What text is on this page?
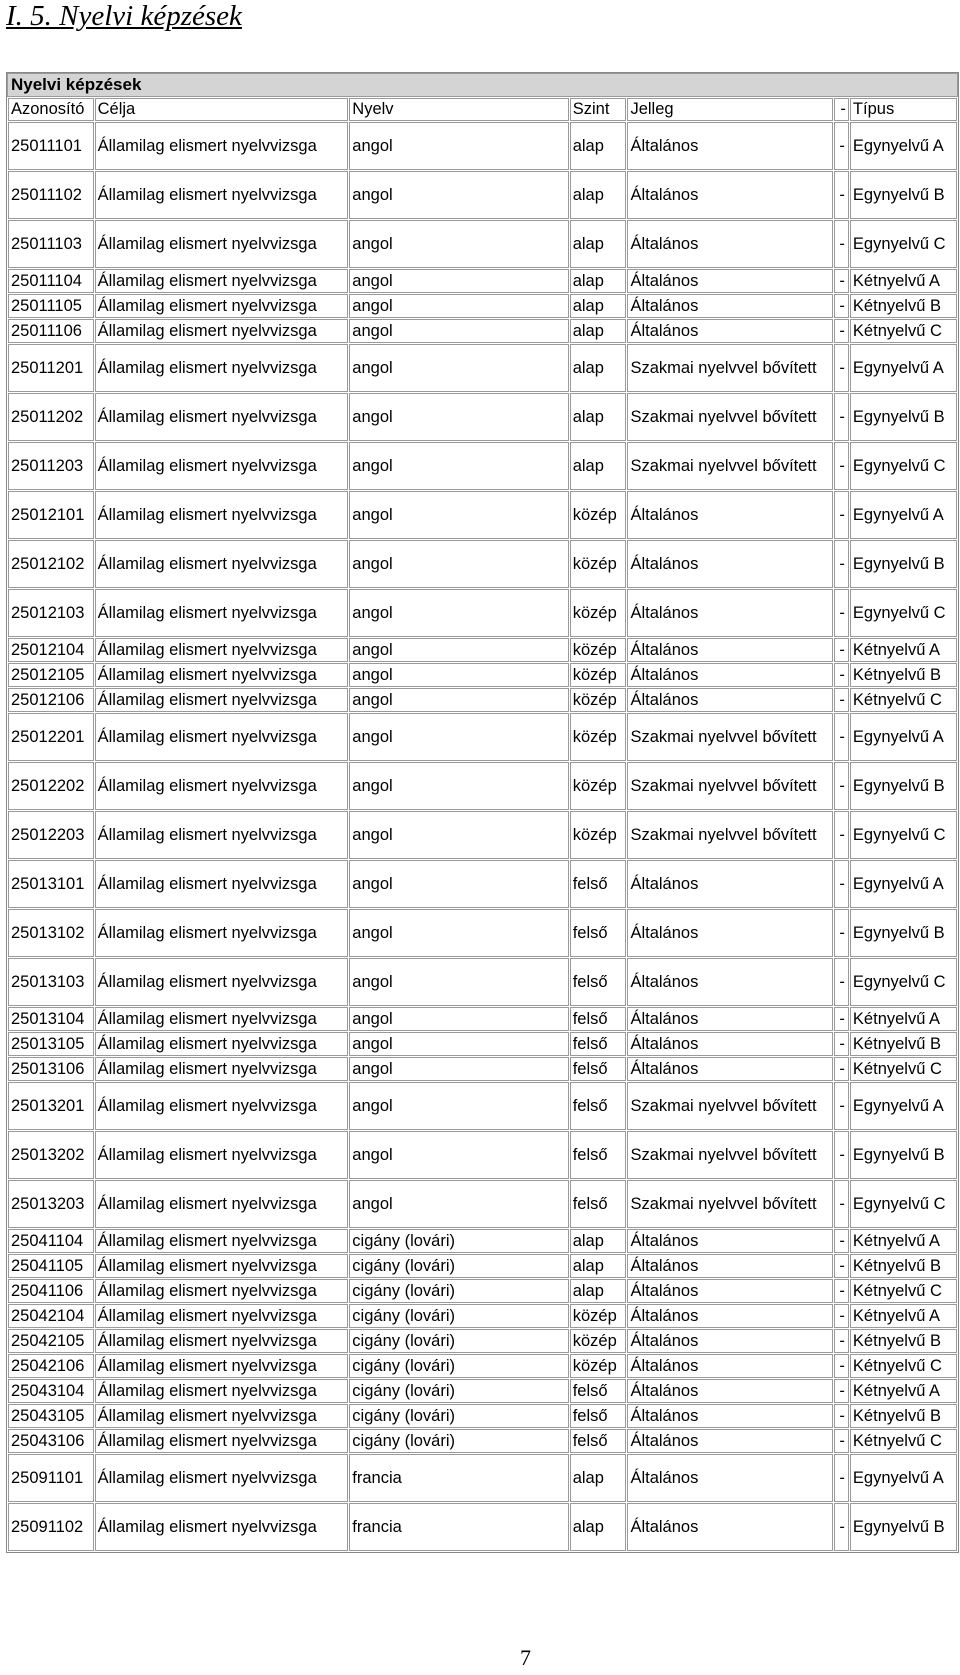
I. 5. Nyelvi képzések
Nyelvi képzések
Azonosító	Célja	Nyelv	Szint	Jelleg	-	Típus
25011101	Államilag elismert nyelvvizsga	angol	alap	Általános	-	Egynyelvű A
25011102	Államilag elismert nyelvvizsga	angol	alap	Általános	-	Egynyelvű B
25011103	Államilag elismert nyelvvizsga	angol	alap	Általános	-	Egynyelvű C
25011104	Államilag elismert nyelvvizsga	angol	alap	Általános	-	Kétnyelvű A
25011105	Államilag elismert nyelvvizsga	angol	alap	Általános	-	Kétnyelvű B
25011106	Államilag elismert nyelvvizsga	angol	alap	Általános	-	Kétnyelvű C
25011201	Államilag elismert nyelvvizsga	angol	alap	Szakmai nyelvvel bővített	-	Egynyelvű A
25011202	Államilag elismert nyelvvizsga	angol	alap	Szakmai nyelvvel bővített	-	Egynyelvű B
25011203	Államilag elismert nyelvvizsga	angol	alap	Szakmai nyelvvel bővített	-	Egynyelvű C
25012101	Államilag elismert nyelvvizsga	angol	közép	Általános	-	Egynyelvű A
25012102	Államilag elismert nyelvvizsga	angol	közép	Általános	-	Egynyelvű B
25012103	Államilag elismert nyelvvizsga	angol	közép	Általános	-	Egynyelvű C
25012104	Államilag elismert nyelvvizsga	angol	közép	Általános	-	Kétnyelvű A
25012105	Államilag elismert nyelvvizsga	angol	közép	Általános	-	Kétnyelvű B
25012106	Államilag elismert nyelvvizsga	angol	közép	Általános	-	Kétnyelvű C
25012201	Államilag elismert nyelvvizsga	angol	közép	Szakmai nyelvvel bővített	-	Egynyelvű A
25012202	Államilag elismert nyelvvizsga	angol	közép	Szakmai nyelvvel bővített	-	Egynyelvű B
25012203	Államilag elismert nyelvvizsga	angol	közép	Szakmai nyelvvel bővített	-	Egynyelvű C
25013101	Államilag elismert nyelvvizsga	angol	felső	Általános	-	Egynyelvű A
25013102	Államilag elismert nyelvvizsga	angol	felső	Általános	-	Egynyelvű B
25013103	Államilag elismert nyelvvizsga	angol	felső	Általános	-	Egynyelvű C
25013104	Államilag elismert nyelvvizsga	angol	felső	Általános	-	Kétnyelvű A
25013105	Államilag elismert nyelvvizsga	angol	felső	Általános	-	Kétnyelvű B
25013106	Államilag elismert nyelvvizsga	angol	felső	Általános	-	Kétnyelvű C
25013201	Államilag elismert nyelvvizsga	angol	felső	Szakmai nyelvvel bővített	-	Egynyelvű A
25013202	Államilag elismert nyelvvizsga	angol	felső	Szakmai nyelvvel bővített	-	Egynyelvű B
25013203	Államilag elismert nyelvvizsga	angol	felső	Szakmai nyelvvel bővített	-	Egynyelvű C
25041104	Államilag elismert nyelvvizsga	cigány (lovári)	alap	Általános	-	Kétnyelvű A
25041105	Államilag elismert nyelvvizsga	cigány (lovári)	alap	Általános	-	Kétnyelvű B
25041106	Államilag elismert nyelvvizsga	cigány (lovári)	alap	Általános	-	Kétnyelvű C
25042104	Államilag elismert nyelvvizsga	cigány (lovári)	közép	Általános	-	Kétnyelvű A
25042105	Államilag elismert nyelvvizsga	cigány (lovári)	közép	Általános	-	Kétnyelvű B
25042106	Államilag elismert nyelvvizsga	cigány (lovári)	közép	Általános	-	Kétnyelvű C
25043104	Államilag elismert nyelvvizsga	cigány (lovári)	felső	Általános	-	Kétnyelvű A
25043105	Államilag elismert nyelvvizsga	cigány (lovári)	felső	Általános	-	Kétnyelvű B
25043106	Államilag elismert nyelvvizsga	cigány (lovári)	felső	Általános	-	Kétnyelvű C
25091101	Államilag elismert nyelvvizsga	francia	alap	Általános	-	Egynyelvű A
25091102	Államilag elismert nyelvvizsga	francia	alap	Általános	-	Egynyelvű B
7
